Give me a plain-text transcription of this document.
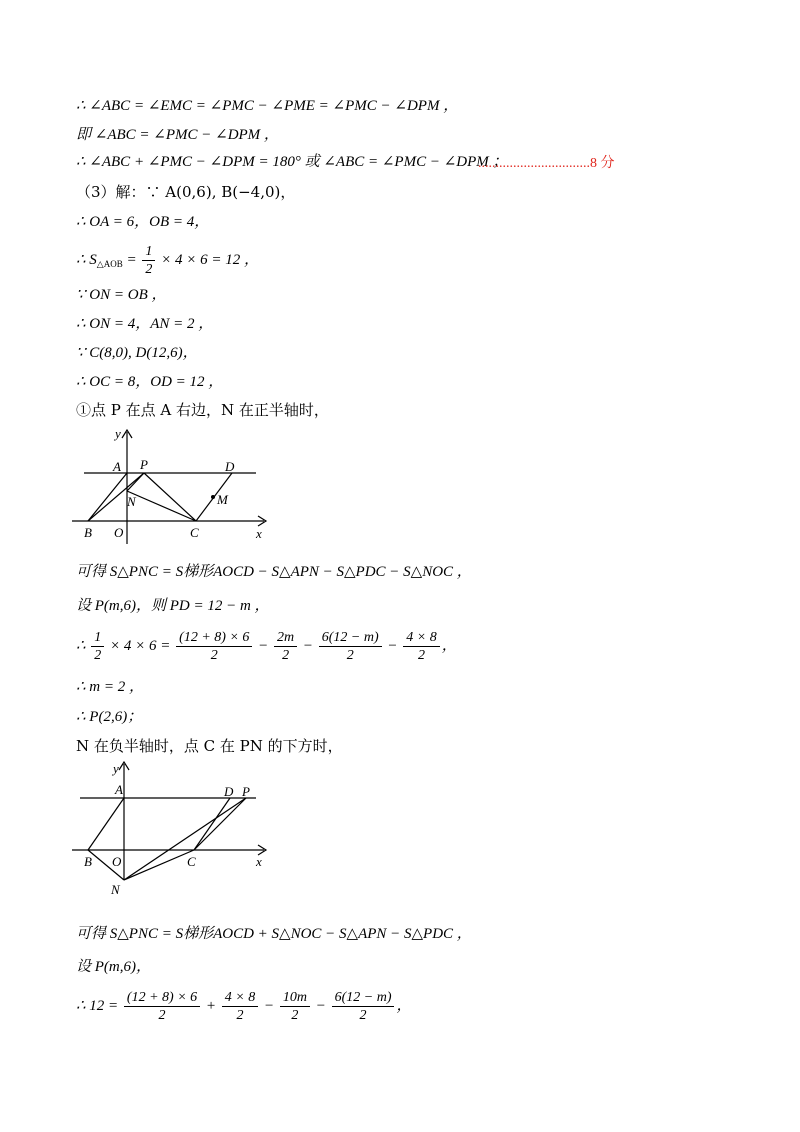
∴ ∠ABC = ∠EMC = ∠PMC − ∠PME = ∠PMC − ∠DPM ，
即 ∠ABC = ∠PMC − ∠DPM ，
∴ ∠ABC + ∠PMC − ∠DPM = 180° 或 ∠ABC = ∠PMC − ∠DPM ；
................................8 分
（3）解：∵ A(0,6), B(−4,0)，
∴ OA = 6，OB = 4，
∴ $S_{\triangle AOB} = \frac{1}{2} \times 4 \times 6 = 12$ ，
∵ ON = OB ，
∴ ON = 4，AN = 2 ，
∵ C(8,0), D(12,6)，
∴ OC = 8，OD = 12 ，
①点 P 在点 A 右边，N 在正半轴时，
y
x
A P	D
N	M
B O	C
可得 S△PNC = S梯形AOCD − S△APN − S△PDC − S△NOC ，
设 P(m,6)，则 PD = 12 − m ，
∴ $\frac{1}{2} \times 4 \times 6 = \frac{(12 + 8) \times 6}{2} - \frac{2m}{2} - \frac{6(12 - m)}{2} - \frac{4 \times 8}{2}$ ，
∴ m = 2 ，
∴ P(2,6)；
N 在负半轴时，点 C 在 PN 的下方时，
y
x
A	D P
B O	C
N
可得 S△PNC = S梯形AOCD + S△NOC − S△APN − S△PDC ，
设 P(m,6)，
∴ $12 = \frac{(12 + 8) \times 6}{2} + \frac{4 \times 8}{2} - \frac{10m}{2} - \frac{6(12 - m)}{2}$ ，
